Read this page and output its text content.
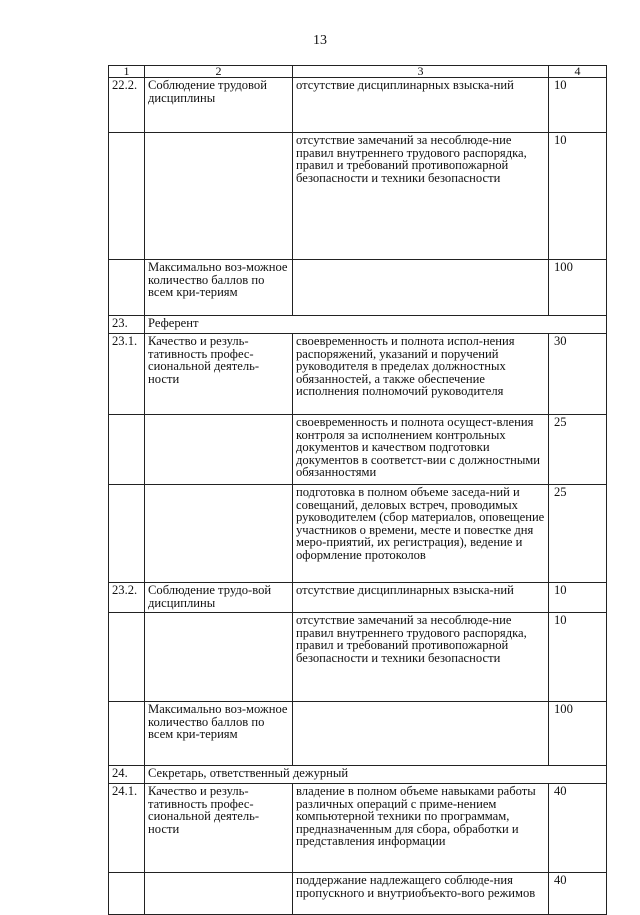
13
1	2	3	4
22.2.	Соблюдение трудовой дисциплины	отсутствие дисциплинарных взыска-ний	10
		отсутствие замечаний за несоблюде-ние правил внутреннего трудового распорядка, правил и требований противопожарной безопасности и техники безопасности	10
	Максимально воз-можное количество баллов по всем кри-териям		100
23.	Референт		
23.1.	Качество и резуль-тативность профес-сиональной деятель-ности	своевременность и полнота испол-нения распоряжений, указаний и поручений руководителя в пределах должностных обязанностей, а также обеспечение исполнения полномочий руководителя	30
		своевременность и полнота осущест-вления контроля за исполнением контрольных документов и качеством подготовки документов в соответст-вии с должностными обязанностями	25
		подготовка в полном объеме заседа-ний и совещаний, деловых встреч, проводимых руководителем (сбор материалов, оповещение участников о времени, месте и повестке дня меро-приятий, их регистрация), ведение и оформление протоколов	25
23.2.	Соблюдение трудо-вой дисциплины	отсутствие дисциплинарных взыска-ний	10
		отсутствие замечаний за несоблюде-ние правил внутреннего трудового распорядка, правил и требований противопожарной безопасности и техники безопасности	10
	Максимально воз-можное количество баллов по всем кри-териям		100
24.	Секретарь, ответственный дежурный		
24.1.	Качество и резуль-тативность профес-сиональной деятель-ности	владение в полном объеме навыками работы различных операций с приме-нением компьютерной техники по программам, предназначенным для сбора, обработки и представления информации	40
		поддержание надлежащего соблюде-ния пропускного и внутриобъекто-вого режимов	40
